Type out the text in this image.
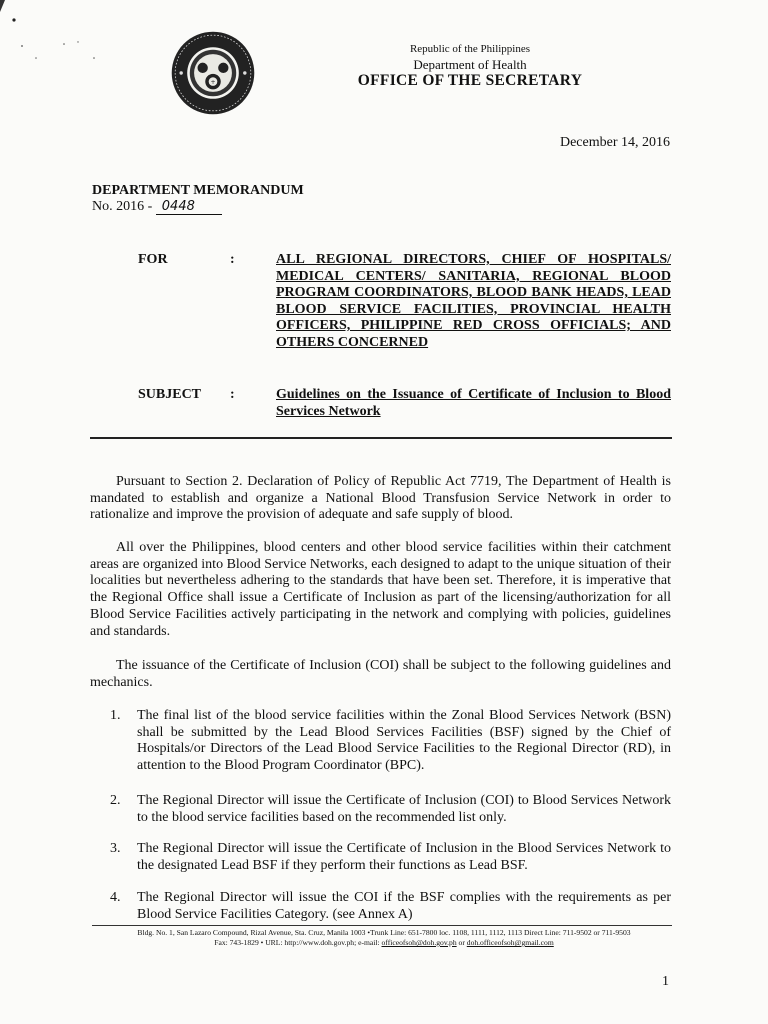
+
Republic of the Philippines
Department of Health
OFFICE OF THE SECRETARY
December 14, 2016
DEPARTMENT MEMORANDUM
No. 2016 - 0448
FOR	:	ALL REGIONAL DIRECTORS, CHIEF OF HOSPITALS/ MEDICAL CENTERS/ SANITARIA, REGIONAL BLOOD PROGRAM COORDINATORS, BLOOD BANK HEADS, LEAD BLOOD SERVICE FACILITIES, PROVINCIAL HEALTH OFFICERS, PHILIPPINE RED CROSS OFFICIALS; AND OTHERS CONCERNED
SUBJECT :	Guidelines on the Issuance of Certificate of Inclusion to Blood Services Network
Pursuant to Section 2. Declaration of Policy of Republic Act 7719, The Department of Health is mandated to establish and organize a National Blood Transfusion Service Network in order to rationalize and improve the provision of adequate and safe supply of blood.
All over the Philippines, blood centers and other blood service facilities within their catchment areas are organized into Blood Service Networks, each designed to adapt to the unique situation of their localities but nevertheless adhering to the standards that have been set. Therefore, it is imperative that the Regional Office shall issue a Certificate of Inclusion as part of the licensing/authorization for all Blood Service Facilities actively participating in the network and complying with policies, guidelines and standards.
The issuance of the Certificate of Inclusion (COI) shall be subject to the following guidelines and mechanics.
1.	The final list of the blood service facilities within the Zonal Blood Services Network (BSN) shall be submitted by the Lead Blood Services Facilities (BSF) signed by the Chief of Hospitals/or Directors of the Lead Blood Service Facilities to the Regional Director (RD), in attention to the Blood Program Coordinator (BPC).
2.	The Regional Director will issue the Certificate of Inclusion (COI) to Blood Services Network to the blood service facilities based on the recommended list only.
3.	The Regional Director will issue the Certificate of Inclusion in the Blood Services Network to the designated Lead BSF if they perform their functions as Lead BSF.
4.	The Regional Director will issue the COI if the BSF complies with the requirements as per Blood Service Facilities Category. (see Annex A)
Bldg. No. 1, San Lazaro Compound, Rizal Avenue, Sta. Cruz, Manila 1003 •Trunk Line: 651-7800 loc. 1108, 1111, 1112, 1113 Direct Line: 711-9502 or 711-9503
Fax: 743-1829 • URL: http://www.doh.gov.ph; e-mail: officeofsoh@doh.gov.ph or doh.officeofsoh@gmail.com
1
